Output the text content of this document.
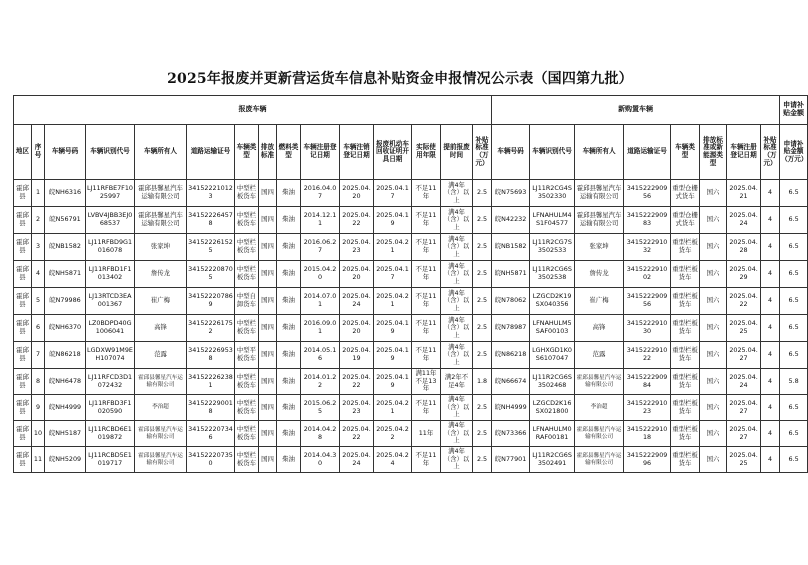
2025年报废并更新营运货车信息补贴资金申报情况公示表（国四第九批）
报废车辆															新购置车辆								申请补贴金额
地区	序号	车辆号码	车辆识别代号	车辆所有人	道路运输证号	车辆类型	排放标准	燃料类型	车辆注册登记日期	车辆注销登记日期	报废机动车回收证明开具日期	实际使用年限	提前报废时间	补贴标准（万元）	车辆号码	车辆识别代号	车辆所有人	道路运输证号	车辆类型	排放标准或新能源类型	车辆注册登记日期	补贴标准（万元）	申请补贴金额（万元）
霍邱县	1	皖NH6316	LJ11RFBE7F1025997	霍邱县馨星汽车运输有限公司	341522210123	中型栏板货车	国四	柴油	2016.04.07	2025.04.20	2025.04.17	不足11年	满4年（含）以上	2.5	皖N75693	LJ11R2CG4S3502330	霍邱县馨星汽车运输有限公司	341522290956	重型仓栅式货车	国六	2025.04.21	4	6.5
霍邱县	2	皖N56791	LVBV4JBB3EJ068537	霍邱县馨星汽车运输有限公司	341522264578	中型栏板货车	国四	柴油	2014.12.11	2025.04.22	2025.04.19	不足11年	满4年（含）以上	2.5	皖N42232	LFNAHULM4S1F04577	霍邱县馨星汽车运输有限公司	341522290983	重型仓栅式货车	国六	2025.04.24	4	6.5
霍邱县	3	皖NB1582	LJ11RFBD9G1016078	张家坤	341522261525	中型栏板货车	国四	柴油	2016.06.27	2025.04.23	2025.04.21	不足11年	满4年（含）以上	2.5	皖NB1582	LJ11R2CG7S3502533	张家坤	341522291032	重型栏板货车	国六	2025.04.28	4	6.5
霍邱县	4	皖NH5871	LJ11RFBD1F1013402	詹传龙	341522208705	中型栏板货车	国四	柴油	2015.04.20	2025.04.20	2025.04.17	不足11年	满4年（含）以上	2.5	皖NH5871	LJ11R2CG6S3502538	詹传龙	341522291002	重型栏板货车	国六	2025.04.29	4	6.5
霍邱县	5	皖N79986	LJ13RTCD3EA001367	崔广梅	341522207869	中型自卸货车	国四	柴油	2014.07.01	2025.04.24	2025.04.21	不足11年	满4年（含）以上	2.5	皖N78062	LZGCD2K19SX040356	崔广梅	341522290956	重型栏板货车	国六	2025.04.22	4	6.5
霍邱县	6	皖NH6370	LZ0BDPD40G1006041	高锋	341522261752	中型栏板货车	国四	柴油	2016.09.01	2025.04.20	2025.04.19	不足11年	满4年（含）以上	2.5	皖N78987	LFNAHULM5SAF00103	高锋	341522291030	重型栏板货车	国六	2025.04.25	4	6.5
霍邱县	7	皖N86218	LGDXW91M9EH107074	范露	341522269538	中型平板货车	国四	柴油	2014.05.16	2025.04.19	2025.04.19	不足11年	满4年（含）以上	2.5	皖N86218	LGHXGD1K0S6107047	范露	341522291022	重型栏板货车	国六	2025.04.27	4	6.5
霍邱县	8	皖NH6478	LJ11RFCD3D1072432	霍邱县馨星汽车运输有限公司	341522262381	中型栏板货车	国四	柴油	2014.01.22	2025.04.22	2025.04.19	满11年不足13年	满2年不足4年	1.8	皖N66674	LJ11R2CG6S3502468	霍邱县馨星汽车运输有限公司	341522290984	重型栏板货车	国六	2025.04.24	4	5.8
霍邱县	9	皖NH4999	LJ11RFBD3F1020590	李治超	341522290018	中型栏板货车	国四	柴油	2015.06.25	2025.04.23	2025.04.21	不足11年	满4年（含）以上	2.5	皖NH4999	LZGCD2K16SX021800	李治超	341522291023	重型栏板货车	国六	2025.04.27	4	6.5
霍邱县	10	皖NH5187	LJ11RCBD6E1019872	霍邱县馨星汽车运输有限公司	341522207346	中型栏板货车	国四	柴油	2014.04.28	2025.04.22	2025.04.22	11年	满4年（含）以上	2.5	皖N73366	LFNAHULM0RAF00181	霍邱县馨星汽车运输有限公司	341522291018	重型栏板货车	国六	2025.04.27	4	6.5
霍邱县	11	皖NH5209	LJ11RCBD5E1019717	霍邱县馨星汽车运输有限公司	341522207350	中型栏板货车	国四	柴油	2014.04.30	2025.04.24	2025.04.24	不足11年	满4年（含）以上	2.5	皖N77901	LJ11R2CG6S3502491	霍邱县馨星汽车运输有限公司	341522290996	重型栏板货车	国六	2025.04.25	4	6.5
